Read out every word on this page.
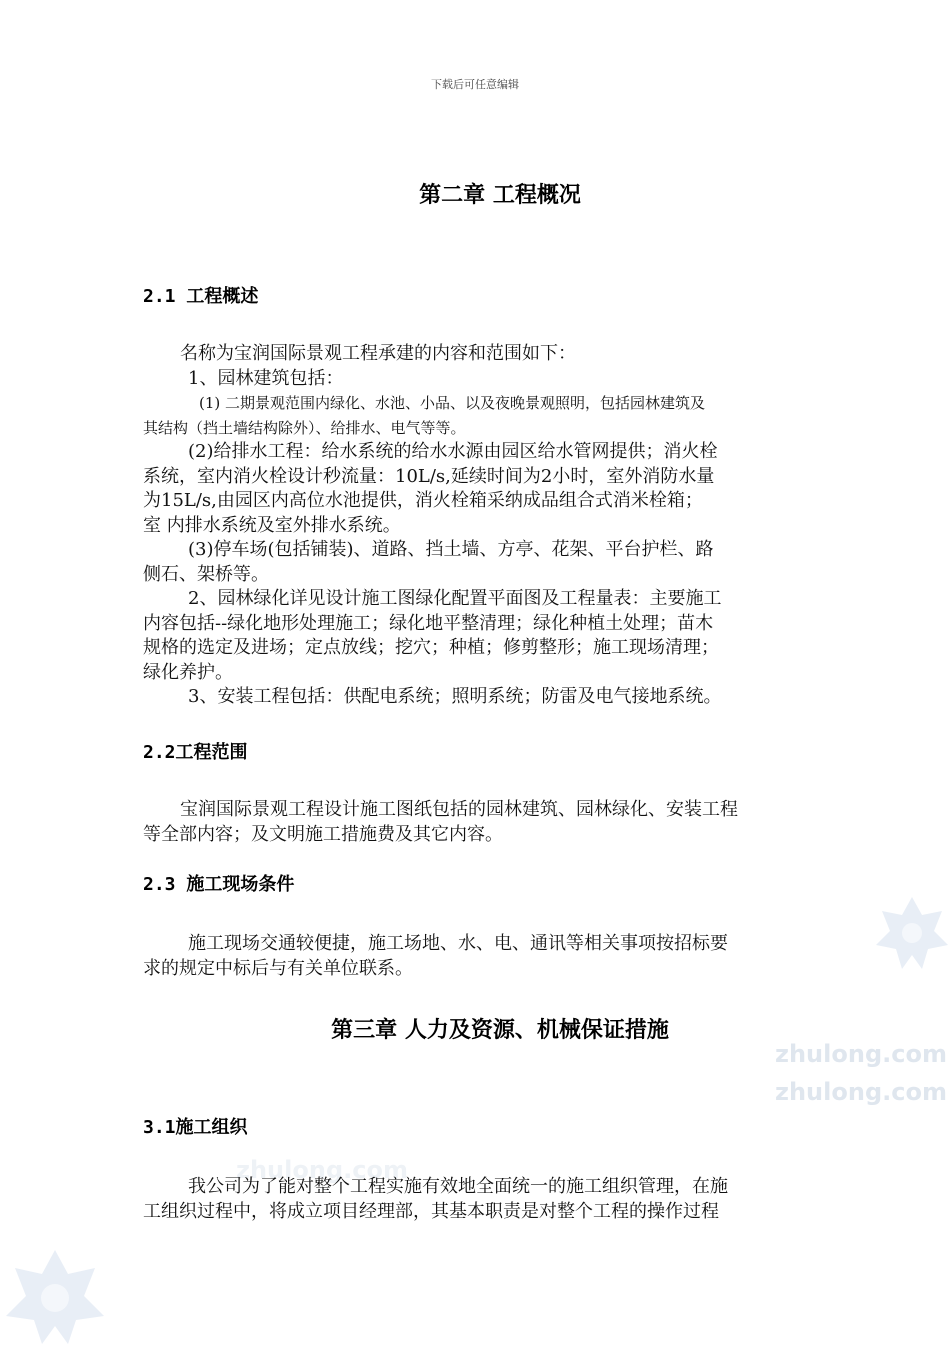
zhulong.com
zhulong.com
zhulong.com
下载后可任意编辑
第二章 工程概况
2.1 工程概述
名称为宝润国际景观工程承建的内容和范围如下：
1、园林建筑包括：
(1) 二期景观范围内绿化、水池、小品、以及夜晚景观照明，包括园林建筑及
其结构（挡土墙结构除外）、给排水、电气等等。
(2)给排水工程：给水系统的给水水源由园区给水管网提供；消火栓
系统，室内消火栓设计秒流量：10L/s,延续时间为2小时，室外消防水量
为15L/s,由园区内高位水池提供，消火栓箱采纳成品组合式消米栓箱；
室 内排水系统及室外排水系统。
(3)停车场(包括铺装)、道路、挡土墙、方亭、花架、平台护栏、路
侧石、架桥等。
2、园林绿化详见设计施工图绿化配置平面图及工程量表：主要施工
内容包括--绿化地形处理施工；绿化地平整清理；绿化种植土处理；苗木
规格的选定及进场；定点放线；挖穴；种植；修剪整形；施工现场清理；
绿化养护。
3、安装工程包括：供配电系统；照明系统；防雷及电气接地系统。
2.2工程范围
宝润国际景观工程设计施工图纸包括的园林建筑、园林绿化、安装工程
等全部内容；及文明施工措施费及其它内容。
2.3 施工现场条件
施工现场交通较便捷，施工场地、水、电、通讯等相关事项按招标要
求的规定中标后与有关单位联系。
第三章 人力及资源、机械保证措施
3.1施工组织
我公司为了能对整个工程实施有效地全面统一的施工组织管理，在施
工组织过程中，将成立项目经理部，其基本职责是对整个工程的操作过程
